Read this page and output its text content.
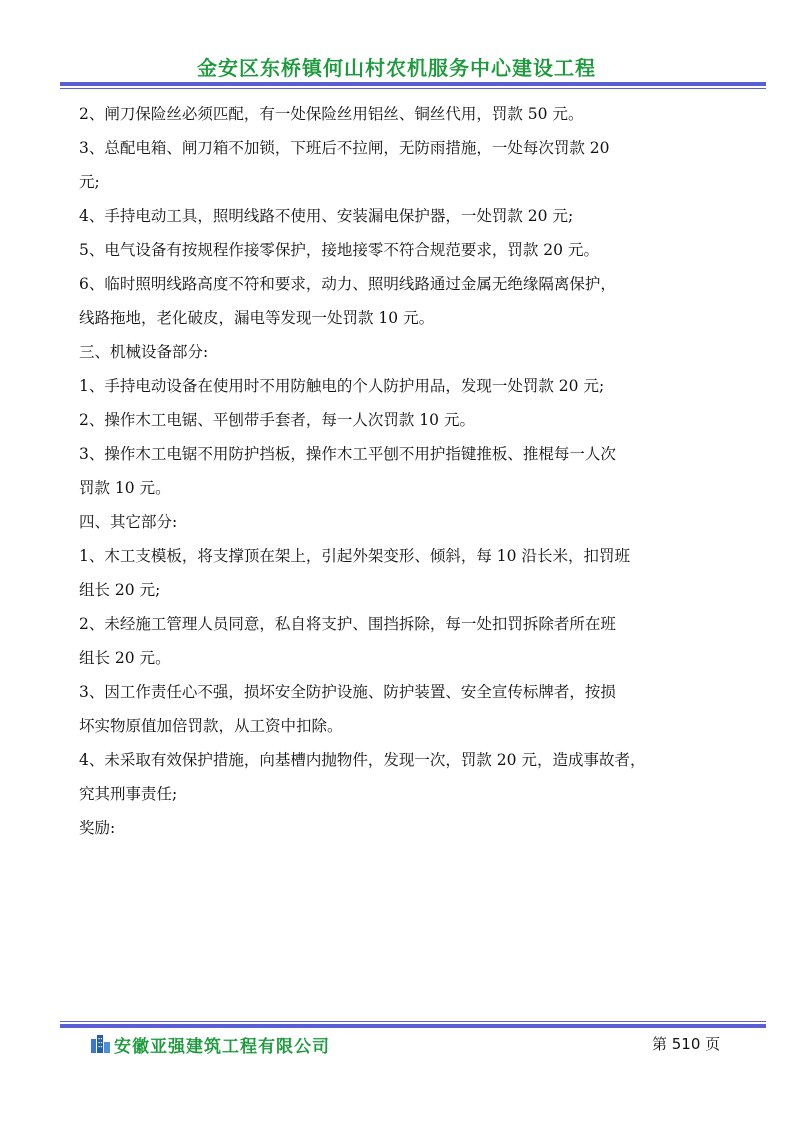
金安区东桥镇何山村农机服务中心建设工程

2、闸刀保险丝必须匹配，有一处保险丝用铝丝、铜丝代用，罚款 50 元。

3、总配电箱、闸刀箱不加锁，下班后不拉闸，无防雨措施，一处每次罚款 20
元;

4、手持电动工具，照明线路不使用、安装漏电保护器，一处罚款 20 元;

5、电气设备有按规程作接零保护，接地接零不符合规范要求，罚款 20 元。

6、临时照明线路高度不符和要求，动力、照明线路通过金属无绝缘隔离保护，
线路拖地，老化破皮，漏电等发现一处罚款 10 元。

三、机械设备部分:

1、手持电动设备在使用时不用防触电的个人防护用品，发现一处罚款 20 元;

2、操作木工电锯、平刨带手套者，每一人次罚款 10 元。

3、操作木工电锯不用防护挡板，操作木工平刨不用护指键推板、推棍每一人次
罚款 10 元。

四、其它部分:

1、木工支模板，将支撑顶在架上，引起外架变形、倾斜，每 10 沿长米，扣罚班
组长 20 元;

2、未经施工管理人员同意，私自将支护、围挡拆除，每一处扣罚拆除者所在班
组长 20 元。

3、因工作责任心不强，损坏安全防护设施、防护装置、安全宣传标牌者，按损
坏实物原值加倍罚款，从工资中扣除。

4、未采取有效保护措施，向基槽内抛物件，发现一次，罚款 20 元，造成事故者，
究其刑事责任;

奖励:

安徽亚强建筑工程有限公司	第 510 页
